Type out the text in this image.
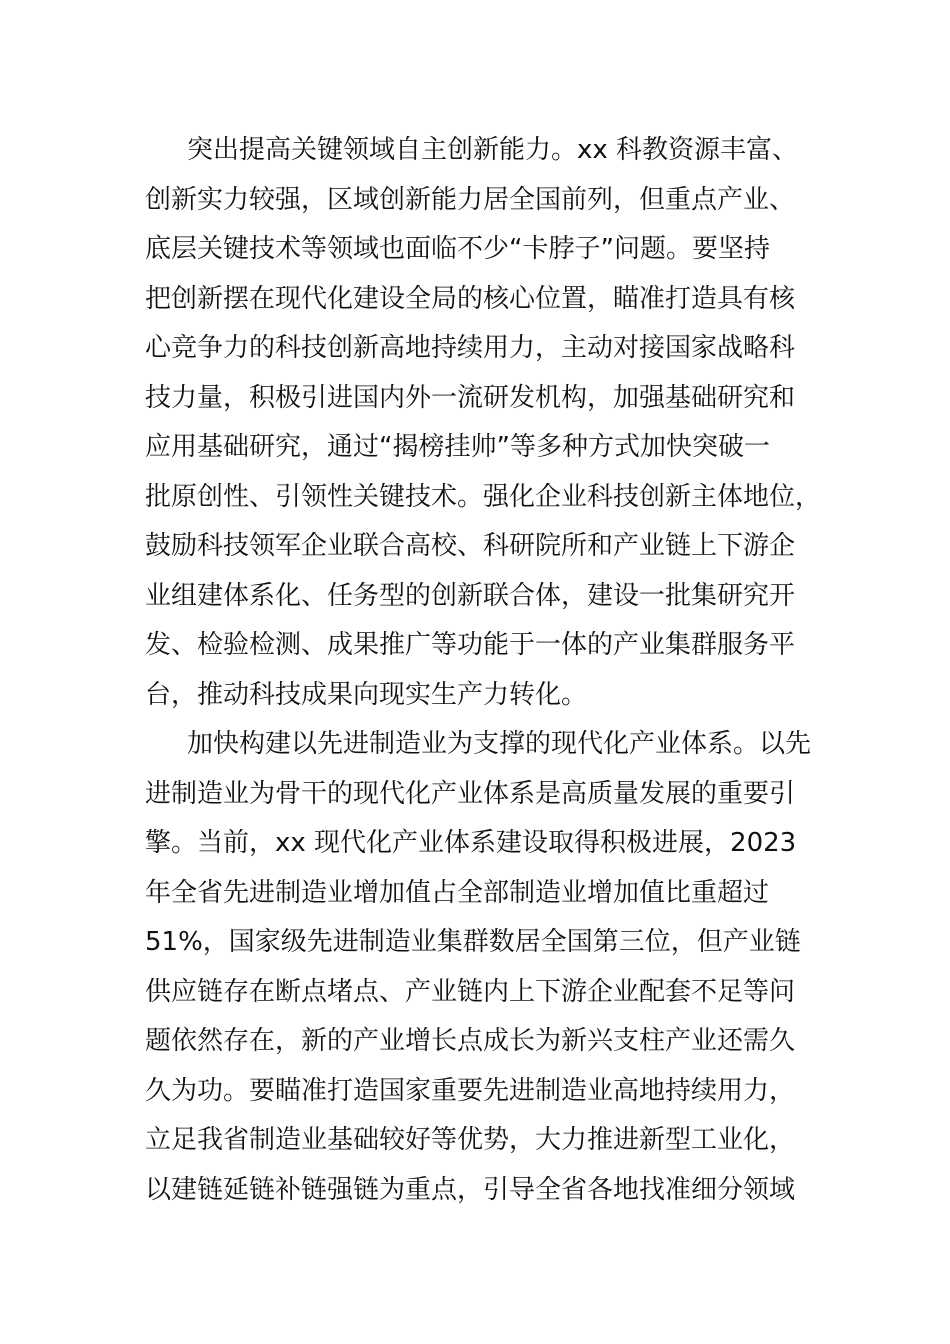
突出提高关键领域自主创新能力。xx 科教资源丰富、
创新实力较强，区域创新能力居全国前列，但重点产业、
底层关键技术等领域也面临不少“卡脖子”问题。要坚持
把创新摆在现代化建设全局的核心位置，瞄准打造具有核
心竞争力的科技创新高地持续用力，主动对接国家战略科
技力量，积极引进国内外一流研发机构，加强基础研究和
应用基础研究，通过“揭榜挂帅”等多种方式加快突破一
批原创性、引领性关键技术。强化企业科技创新主体地位，
鼓励科技领军企业联合高校、科研院所和产业链上下游企
业组建体系化、任务型的创新联合体，建设一批集研究开
发、检验检测、成果推广等功能于一体的产业集群服务平
台，推动科技成果向现实生产力转化。
加快构建以先进制造业为支撑的现代化产业体系。以先
进制造业为骨干的现代化产业体系是高质量发展的重要引
擎。当前，xx 现代化产业体系建设取得积极进展，2023
年全省先进制造业增加值占全部制造业增加值比重超过
51%，国家级先进制造业集群数居全国第三位，但产业链
供应链存在断点堵点、产业链内上下游企业配套不足等问
题依然存在，新的产业增长点成长为新兴支柱产业还需久
久为功。要瞄准打造国家重要先进制造业高地持续用力，
立足我省制造业基础较好等优势，大力推进新型工业化，
以建链延链补链强链为重点，引导全省各地找准细分领域
